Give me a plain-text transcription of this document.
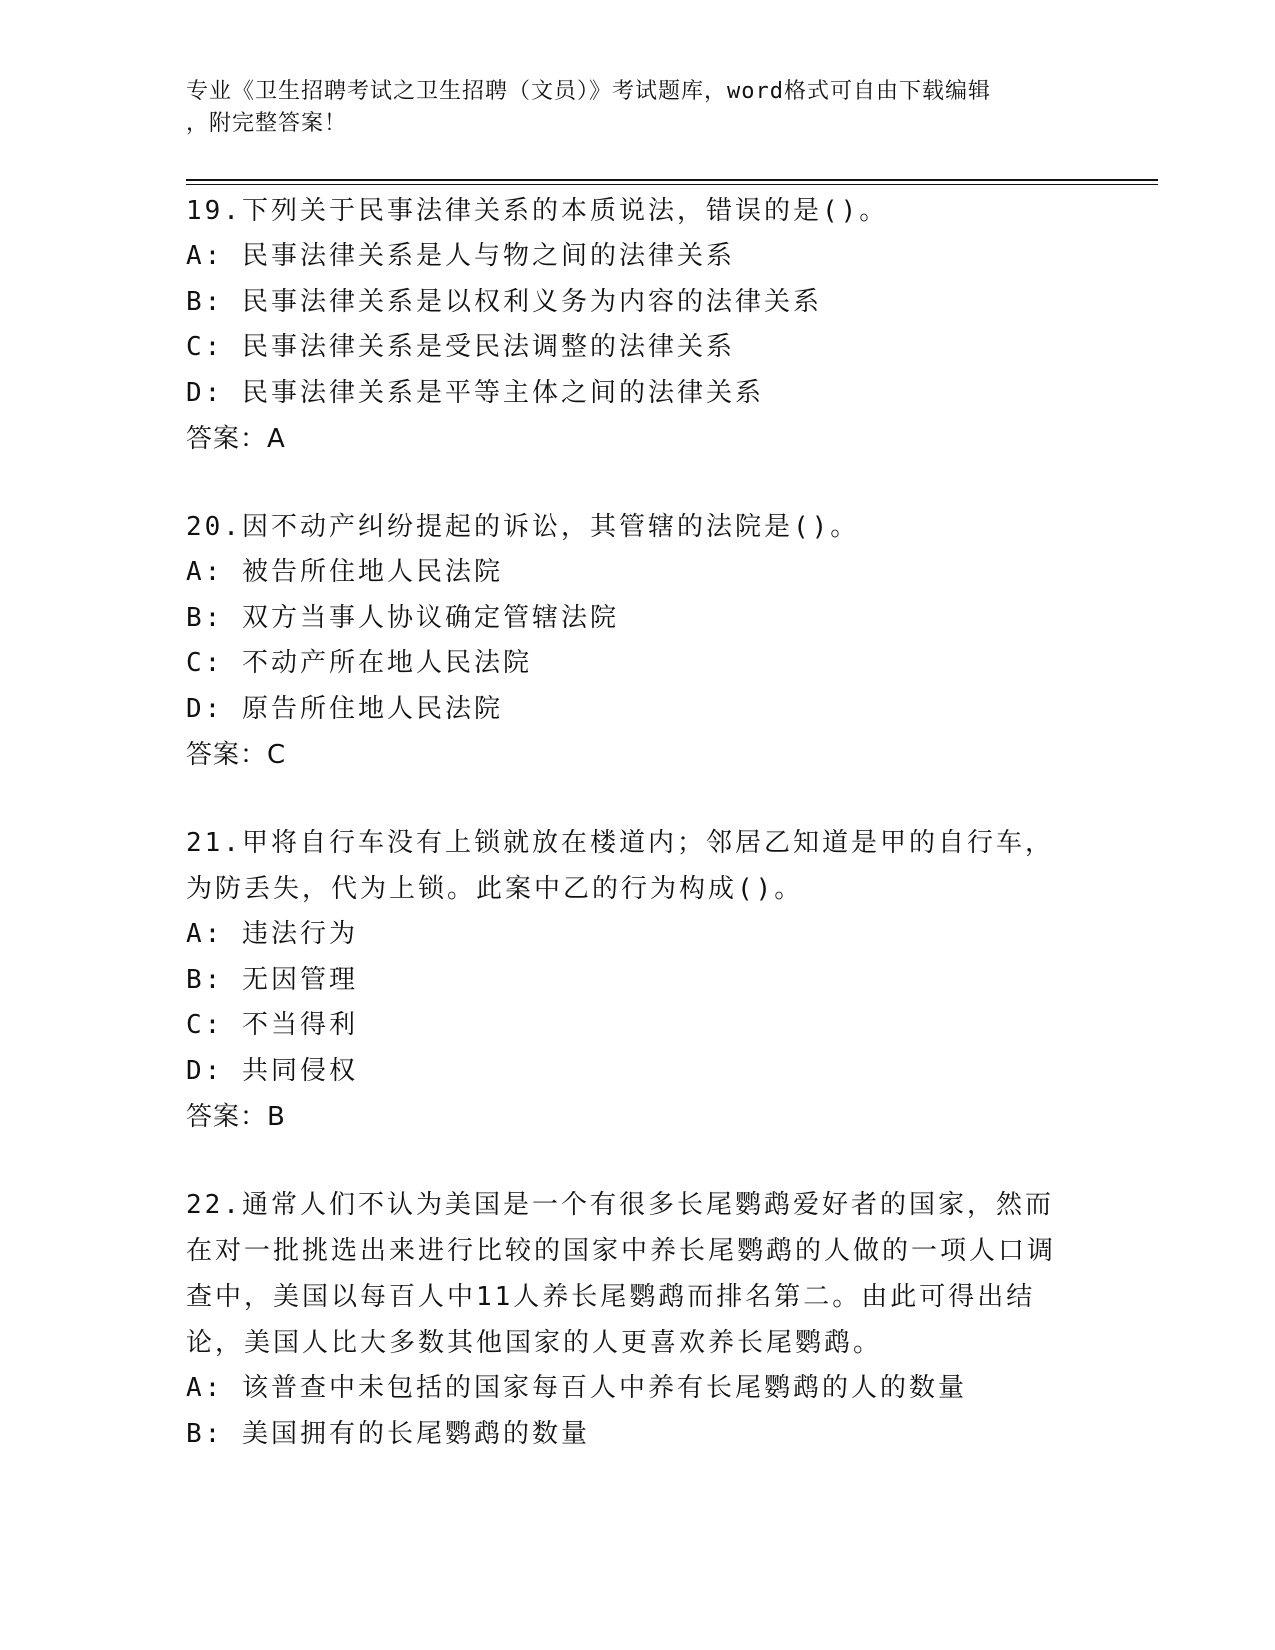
专业《卫生招聘考试之卫生招聘（文员）》考试题库，word格式可自由下载编辑
，附完整答案！
19.下列关于民事法律关系的本质说法，错误的是()。
A: 民事法律关系是人与物之间的法律关系
B: 民事法律关系是以权利义务为内容的法律关系
C: 民事法律关系是受民法调整的法律关系
D: 民事法律关系是平等主体之间的法律关系
答案：A
20.因不动产纠纷提起的诉讼，其管辖的法院是()。
A: 被告所住地人民法院
B: 双方当事人协议确定管辖法院
C: 不动产所在地人民法院
D: 原告所住地人民法院
答案：C
21.甲将自行车没有上锁就放在楼道内；邻居乙知道是甲的自行车，为防丢失，代为上锁。此案中乙的行为构成()。
A: 违法行为
B: 无因管理
C: 不当得利
D: 共同侵权
答案：B
22.通常人们不认为美国是一个有很多长尾鹦鹉爱好者的国家，然而在对一批挑选出来进行比较的国家中养长尾鹦鹉的人做的一项人口调查中，美国以每百人中11人养长尾鹦鹉而排名第二。由此可得出结论，美国人比大多数其他国家的人更喜欢养长尾鹦鹉。
A: 该普查中未包括的国家每百人中养有长尾鹦鹉的人的数量
B: 美国拥有的长尾鹦鹉的数量
